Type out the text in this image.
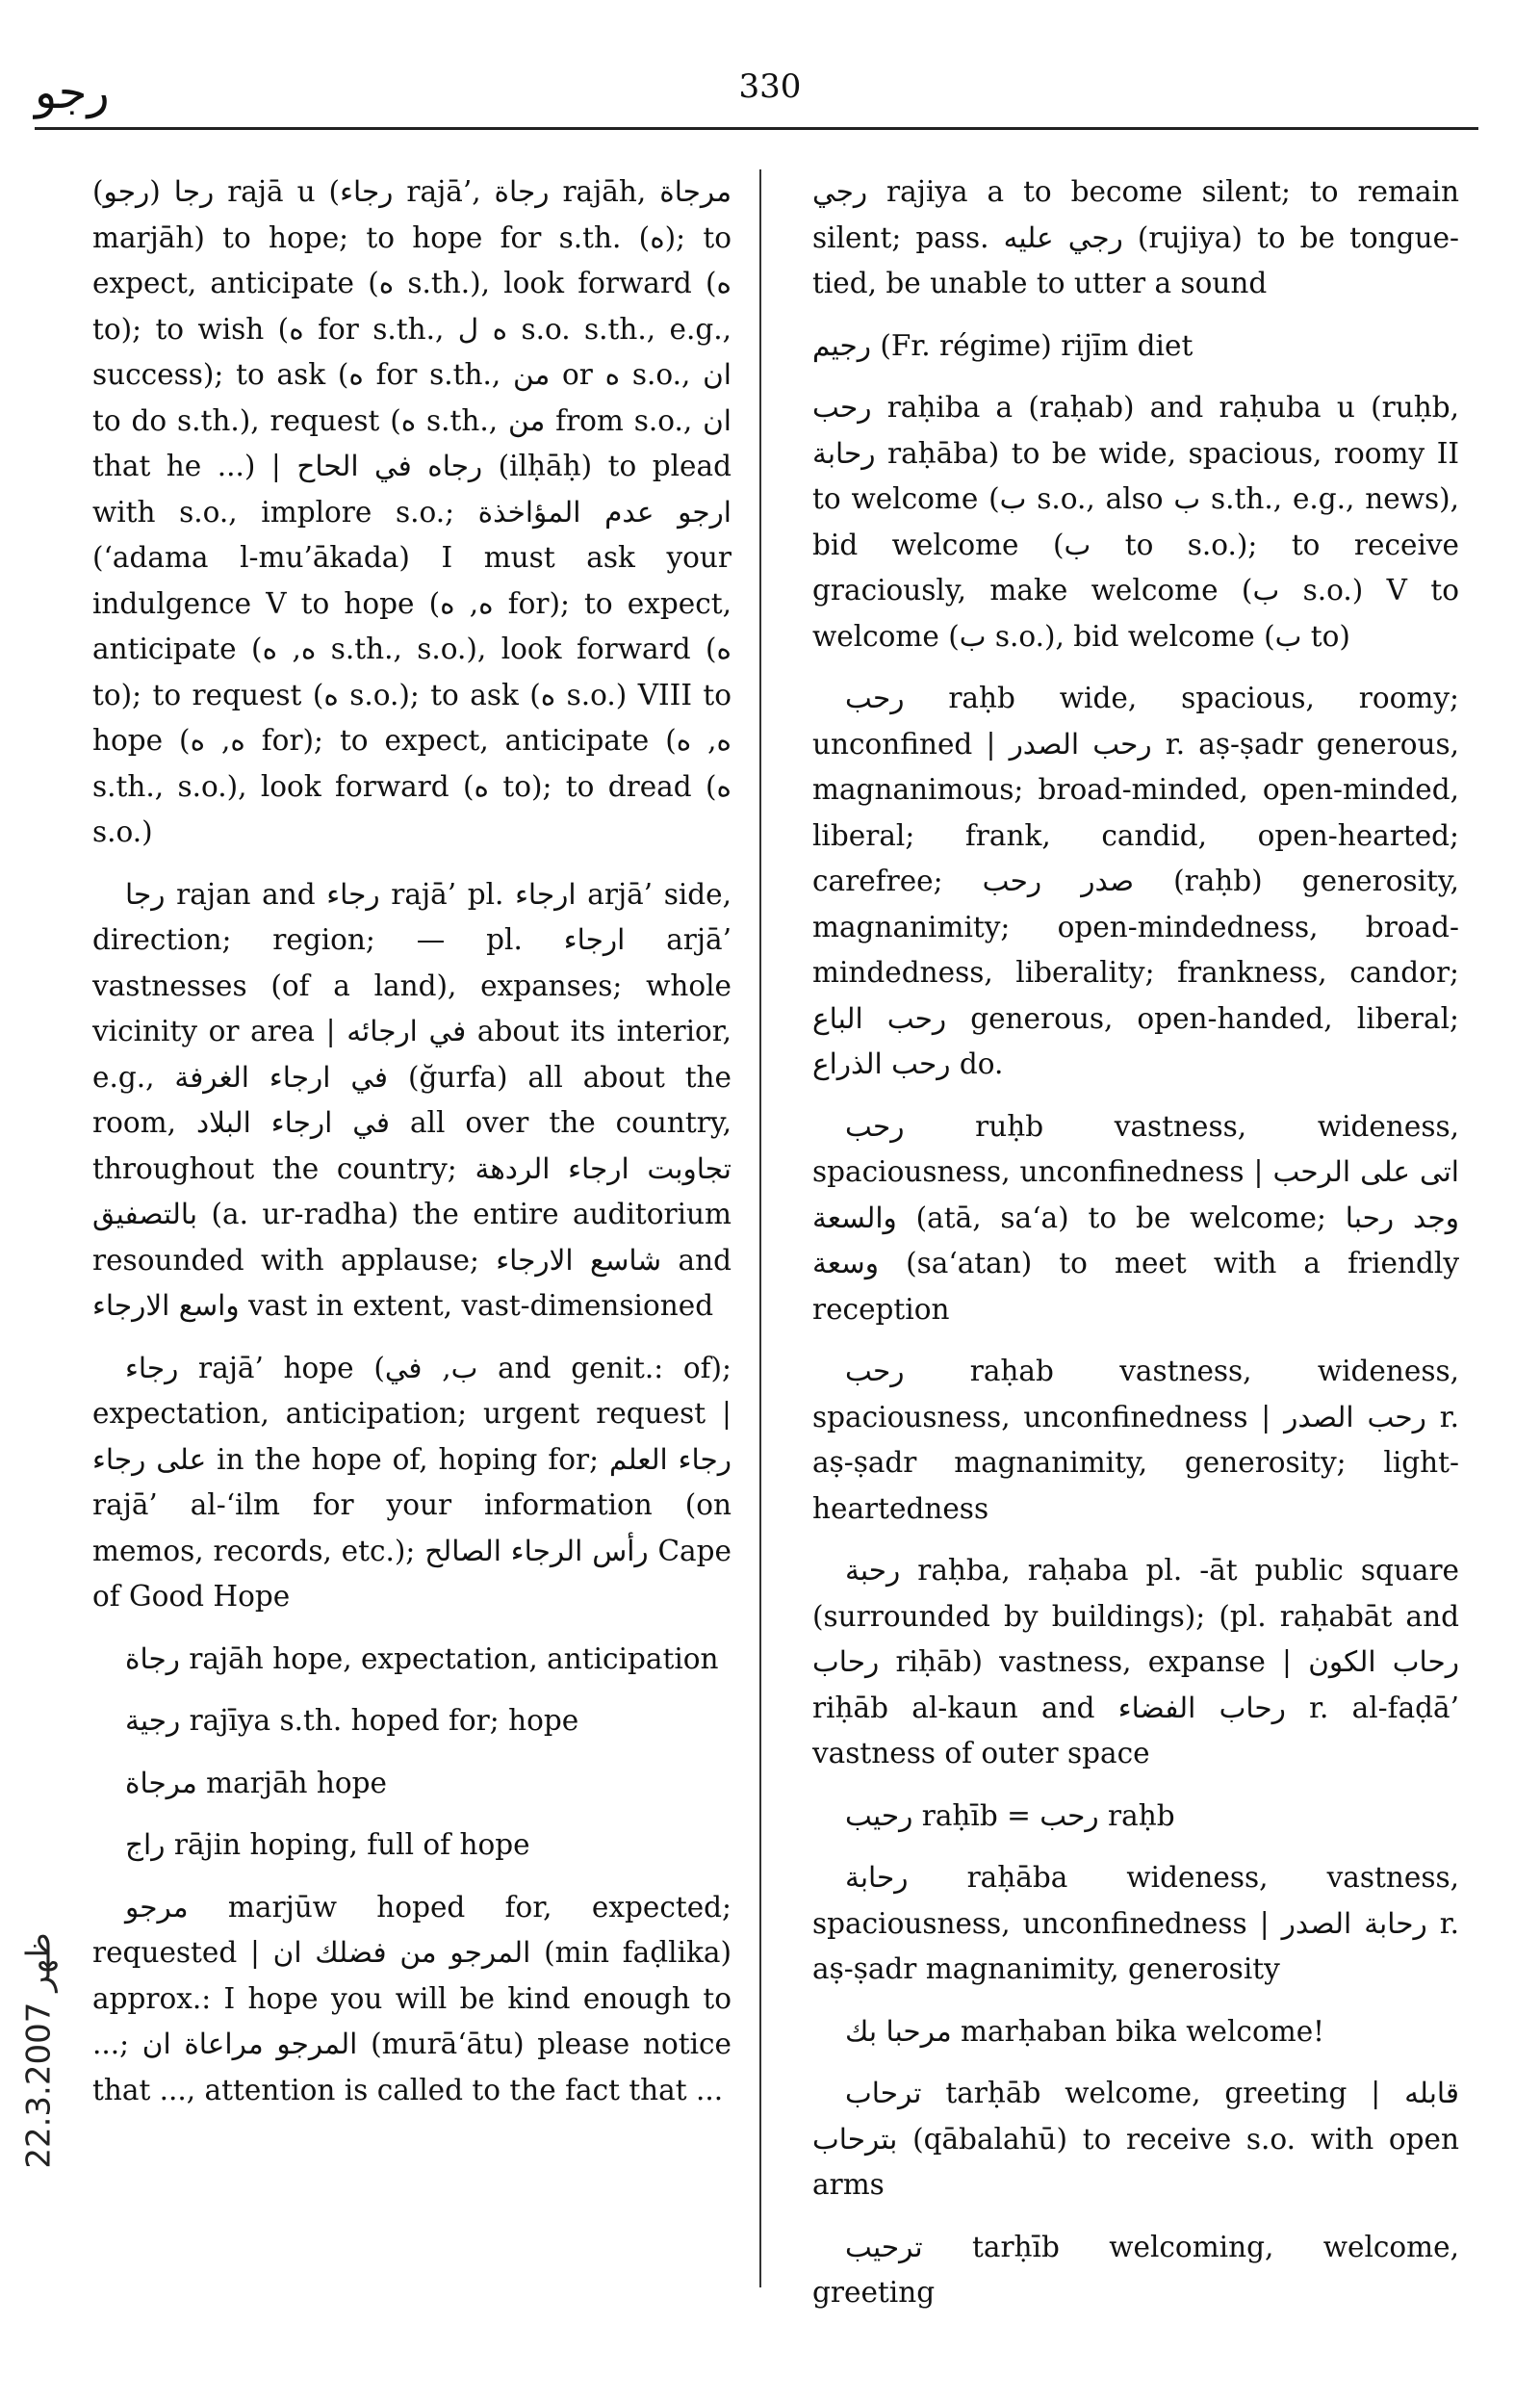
رجو	330

(رجو) رجا rajā u (رجاء rajā’, رجاة rajāh, مرجاة marjāh) to hope; to hope for s.th. (ه); to expect, anticipate (ه s.th.), look forward (ه to); to wish (ه for s.th., ه ل s.o. s.th., e.g., success); to ask (ه for s.th., من or ه s.o., ان to do s.th.), request (ه s.th., من from s.o., ان that he ...) | رجاه في الحاح (ilḥāḥ) to plead with s.o., implore s.o.; ارجو عدم المؤاخذة (‘adama l-mu’ākada) I must ask your indulgence V to hope (ه, ه for); to expect, anticipate (ه, ه s.th., s.o.), look forward (ه to); to request (ه s.o.); to ask (ه s.o.) VIII to hope (ه, ه for); to expect, anticipate (ه, ه s.th., s.o.), look forward (ه to); to dread (ه s.o.)

رجا rajan and رجاء rajā’ pl. ارجاء arjā’ side, direction; region; — pl. ارجاء arjā’ vastnesses (of a land), expanses; whole vicinity or area | في ارجائه about its interior, e.g., في ارجاء الغرفة (ğurfa) all about the room, في ارجاء البلاد all over the country, throughout the country; تجاوبت ارجاء الردهة بالتصفيق (a. ur-radha) the entire auditorium resounded with applause; شاسع الارجاء and واسع الارجاء vast in extent, vast-dimensioned

رجاء rajā’ hope (ب, في and genit.: of); expectation, anticipation; urgent request | على رجاء in the hope of, hoping for; رجاء العلم rajā’ al-‘ilm for your information (on memos, records, etc.); رأس الرجاء الصالح Cape of Good Hope

رجاة rajāh hope, expectation, anticipation

رجية rajīya s.th. hoped for; hope

مرجاة marjāh hope

راج rājin hoping, full of hope

مرجو marjūw hoped for, expected; requested | المرجو من فضلك ان (min faḍlika) approx.: I hope you will be kind enough to ...; المرجو مراعاة ان (murā‘ātu) please notice that ..., attention is called to the fact that ...

رجي rajiya a to become silent; to remain silent; pass. رجي عليه (rujiya) to be tongue-tied, be unable to utter a sound

رجيم (Fr. régime) rijīm diet

رحب raḥiba a (raḥab) and raḥuba u (ruḥb, رحابة raḥāba) to be wide, spacious, roomy II to welcome (ب s.o., also ب s.th., e.g., news), bid welcome (ب to s.o.); to receive graciously, make welcome (ب s.o.) V to welcome (ب s.o.), bid welcome (ب to)

رحب raḥb wide, spacious, roomy; unconfined | رحب الصدر r. aṣ-ṣadr generous, magnanimous; broad-minded, open-minded, liberal; frank, candid, open-hearted; carefree; صدر رحب (raḥb) generosity, magnanimity; open-mindedness, broad-mindedness, liberality; frankness, candor; رحب الباع generous, open-handed, liberal; رحب الذراع do.

رحب ruḥb vastness, wideness, spaciousness, unconfinedness | اتى على الرحب والسعة (atā, sa‘a) to be welcome; وجد رحبا وسعة (sa‘atan) to meet with a friendly reception

رحب raḥab vastness, wideness, spaciousness, unconfinedness | رحب الصدر r. aṣ-ṣadr magnanimity, generosity; light-heartedness

رحبة raḥba, raḥaba pl. -āt public square (surrounded by buildings); (pl. raḥabāt and رحاب riḥāb) vastness, expanse | رحاب الكون riḥāb al-kaun and رحاب الفضاء r. al-faḍā’ vastness of outer space

رحيب raḥīb = رحب raḥb

رحابة raḥāba wideness, vastness, spaciousness, unconfinedness | رحابة الصدر r. aṣ-ṣadr magnanimity, generosity

مرحبا بك marḥaban bika welcome!

ترحاب tarḥāb welcome, greeting | قابله بترحاب (qābalahū) to receive s.o. with open arms

ترحيب tarḥīb welcoming, welcome, greeting

22.3.2007 ظهر
